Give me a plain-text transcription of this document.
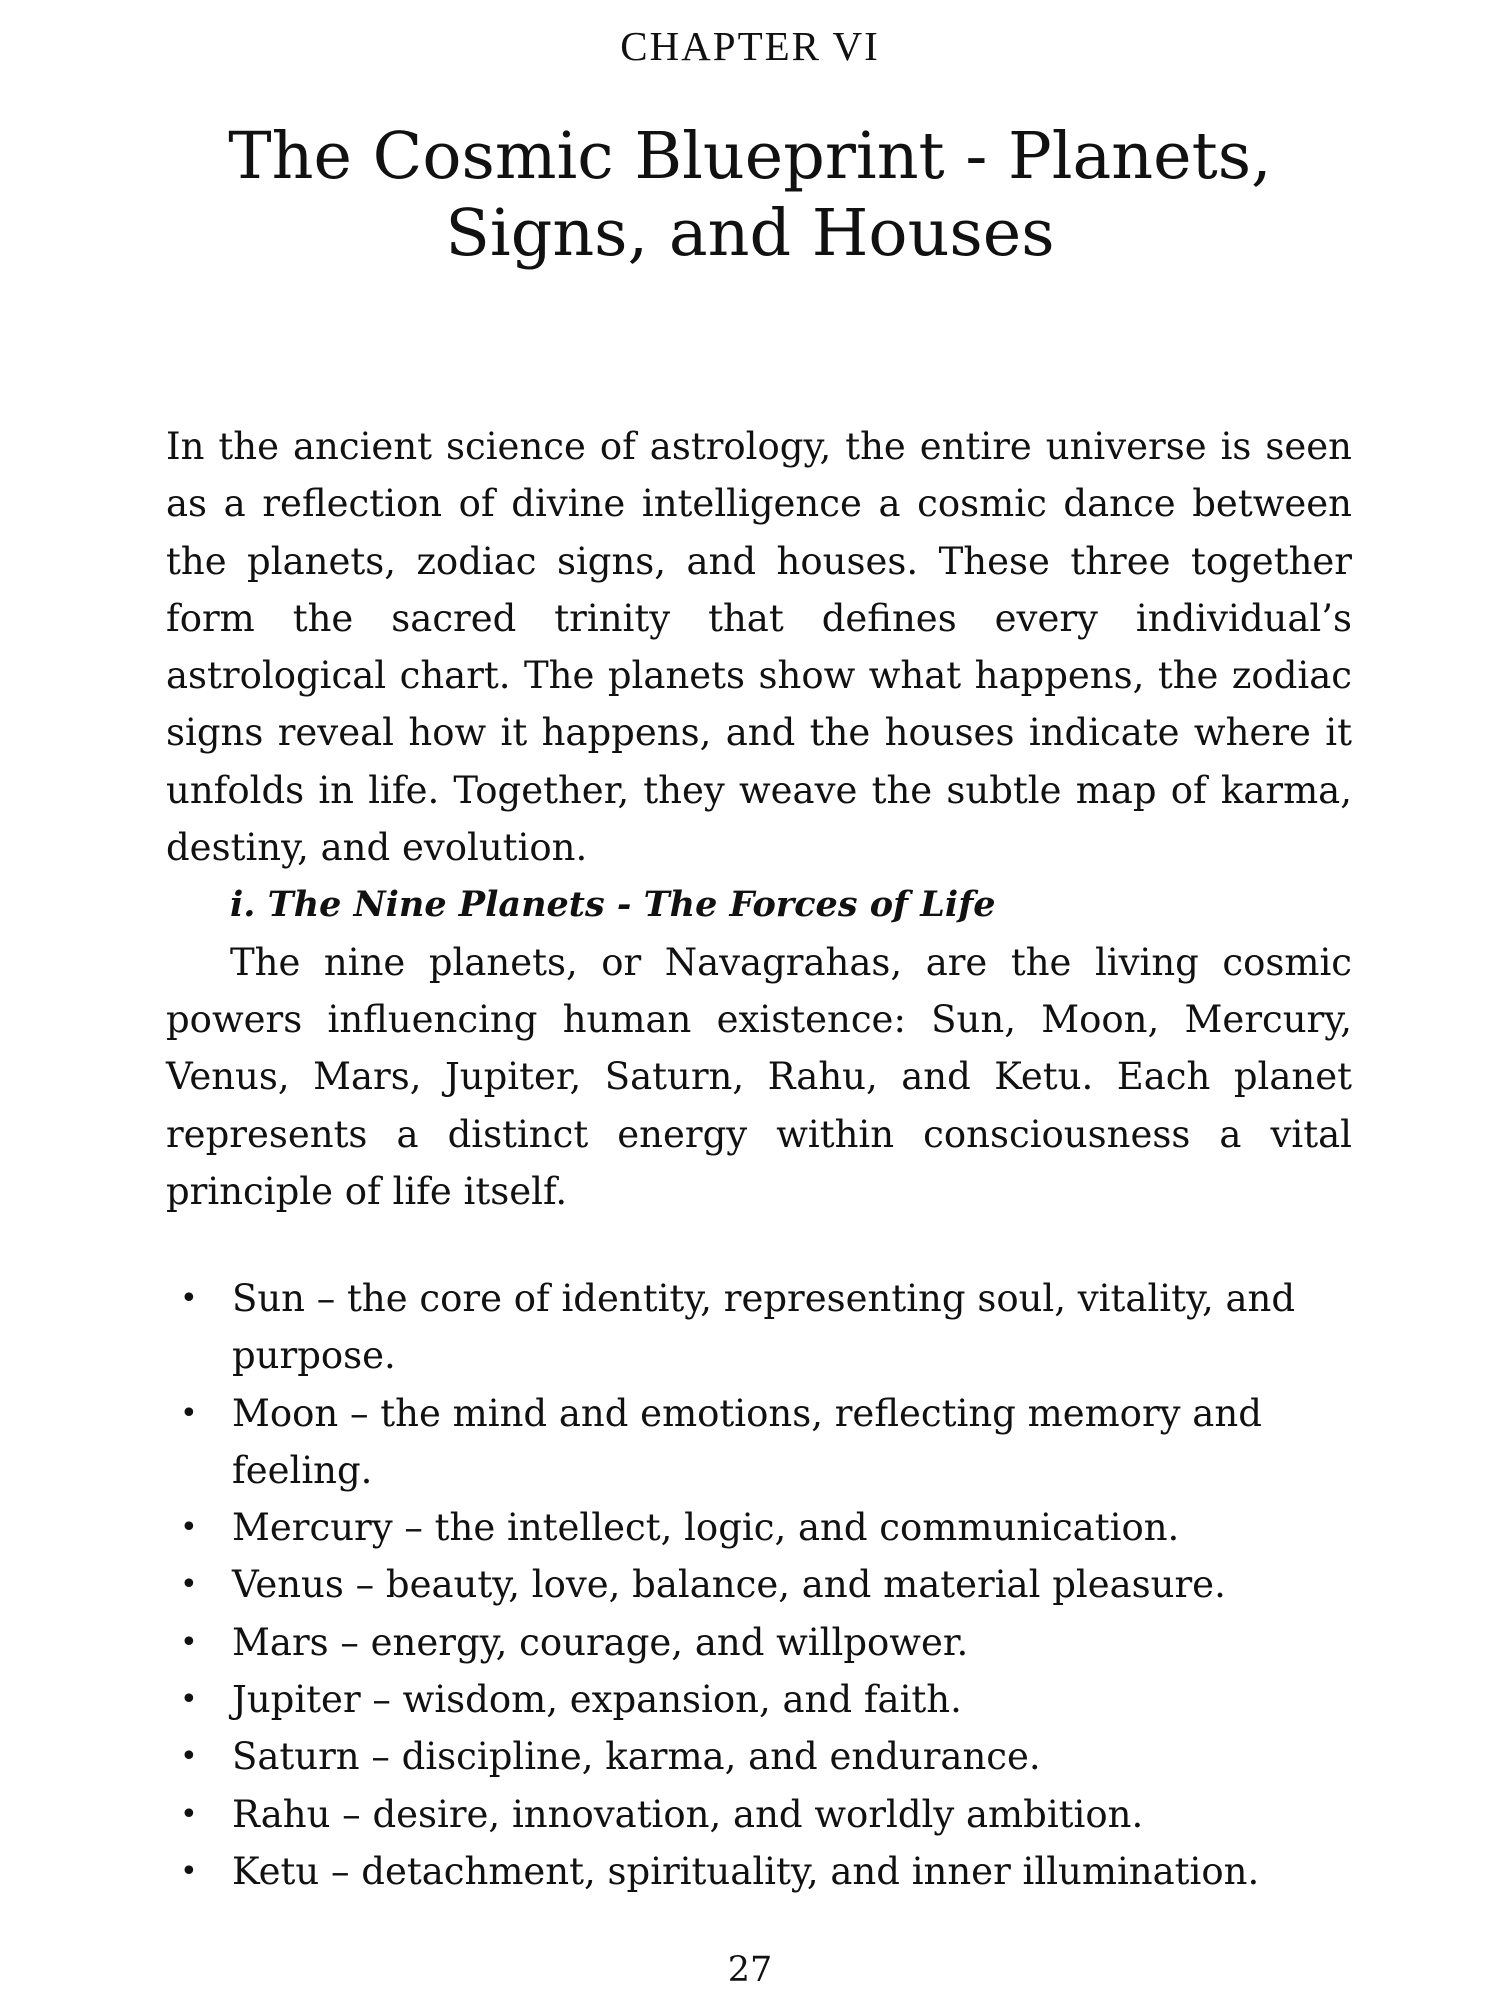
CHAPTER VI
The Cosmic Blueprint - Planets, Signs, and Houses

In the ancient science of astrology, the entire universe is seen as a reflection of divine intelligence a cosmic dance between the planets, zodiac signs, and houses. These three together form the sacred trinity that defines every individual’s astrological chart. The planets show what happens, the zodiac signs reveal how it happens, and the houses indicate where it unfolds in life. Together, they weave the subtle map of karma, destiny, and evolution.

i. The Nine Planets - The Forces of Life

The nine planets, or Navagrahas, are the living cosmic powers influencing human existence: Sun, Moon, Mercury, Venus, Mars, Jupiter, Saturn, Rahu, and Ketu. Each planet represents a distinct energy within consciousness a vital principle of life itself.

• Sun – the core of identity, representing soul, vitality, and purpose.
• Moon – the mind and emotions, reflecting memory and feeling.
• Mercury – the intellect, logic, and communication.
• Venus – beauty, love, balance, and material pleasure.
• Mars – energy, courage, and willpower.
• Jupiter – wisdom, expansion, and faith.
• Saturn – discipline, karma, and endurance.
• Rahu – desire, innovation, and worldly ambition.
• Ketu – detachment, spirituality, and inner illumination.
27
